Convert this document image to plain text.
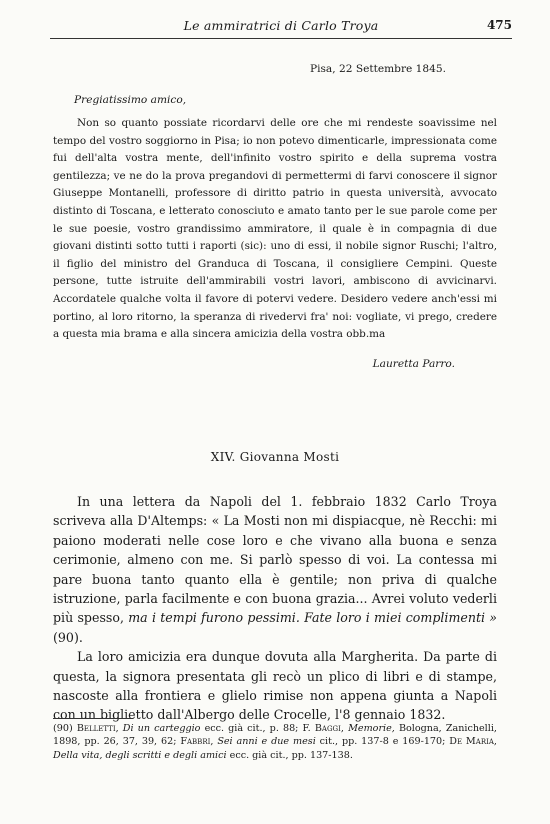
Le ammiratrici di Carlo Troya	475
Pisa, 22 Settembre 1845.
Pregiatissimo amico,

Non so quanto possiate ricordarvi delle ore che mi rendeste soavissime nel tempo del vostro soggiorno in Pisa; io non potevo dimenticarle, impressionata come fui dell'alta vostra mente, dell'infinito vostro spirito e della suprema vostra gentilezza; ve ne do la prova pregandovi di permettermi di farvi conoscere il signor Giuseppe Montanelli, professore di diritto patrio in questa università, avvocato distinto di Toscana, e letterato conosciuto e amato tanto per le sue parole come per le sue poesie, vostro grandissimo ammiratore, il quale è in compagnia di due giovani distinti sotto tutti i raporti (sic): uno di essi, il nobile signor Ruschi; l'altro, il figlio del ministro del Granduca di Toscana, il consigliere Cempini. Queste persone, tutte istruite dell'ammirabili vostri lavori, ambiscono di avvicinarvi. Accordatele qualche volta il favore di potervi vedere. Desidero vedere anch'essi mi portino, al loro ritorno, la speranza di rivedervi fra' noi: vogliate, vi prego, credere a questa mia brama e alla sincera amicizia della vostra obb.ma

Lauretta Parro.
XIV. Giovanna Mosti

In una lettera da Napoli del 1. febbraio 1832 Carlo Troya scriveva alla D'Altemps: « La Mosti non mi dispiacque, nè Recchi: mi paiono moderati nelle cose loro e che vivano alla buona e senza cerimonie, almeno con me. Si parlò spesso di voi. La contessa mi pare buona tanto quanto ella è gentile; non priva di qualche istruzione, parla facilmente e con buona grazia... Avrei voluto vederli più spesso, ma i tempi furono pessimi. Fate loro i miei complimenti » (90).

La loro amicizia era dunque dovuta alla Margherita. Da parte di questa, la signora presentata gli recò un plico di libri e di stampe, nascoste alla frontiera e glielo rimise non appena giunta a Napoli con un biglietto dall'Albergo delle Crocelle, l'8 gennaio 1832.

(90) Belletti, Di un carteggio ecc. già cit., p. 88; F. Baggi, Memorie, Bologna, Zanichelli, 1898, pp. 26, 37, 39, 62; Fabbri, Sei anni e due mesi cit., pp. 137-8 e 169-170; De Maria, Della vita, degli scritti e degli amici ecc. già cit., pp. 137-138.
